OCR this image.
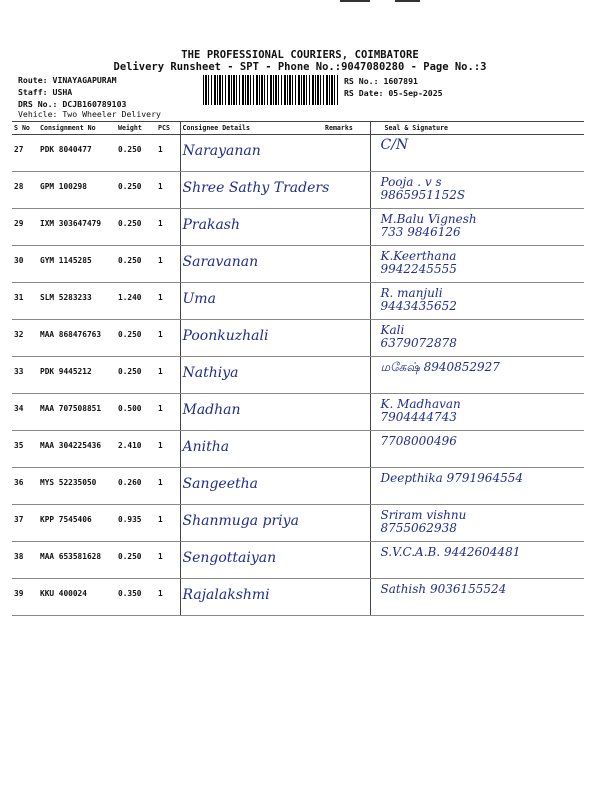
THE PROFESSIONAL COURIERS, COIMBATORE
Delivery Runsheet - SPT - Phone No.:9047080280 - Page No.:3
Route: VINAYAGAPURAM
Staff: USHA
DRS No.: DCJB160789103
RS No.: 1607891
RS Date: 05-Sep-2025
Vehicle: Two Wheeler Delivery
S No	Consignment No	Weight	PCS	Consignee Details	Remarks	Seal & Signature
27	PDK 8040477	0.250	1	Narayanan		C/N

28	GPM 100298	0.250	1	Shree Sathy Traders		Pooja . v s
9865951152S

29	IXM 303647479	0.250	1	Prakash		M.Balu Vignesh
733 9846126

30	GYM 1145285	0.250	1	Saravanan		K.Keerthana
9942245555

31	SLM 5283233	1.240	1	Uma		R. manjuli
9443435652

32	MAA 868476763	0.250	1	Poonkuzhali		Kali
6379072878

33	PDK 9445212	0.250	1	Nathiya		மகேஷ் 8940852927

34	MAA 707508851	0.500	1	Madhan		K. Madhavan
7904444743

35	MAA 304225436	2.410	1	Anitha		7708000496

36	MYS 52235050	0.260	1	Sangeetha		Deepthika 9791964554

37	KPP 7545406	0.935	1	Shanmuga priya		Sriram vishnu
8755062938

38	MAA 653581628	0.250	1	Sengottaiyan		S.V.C.A.B. 9442604481

39	KKU 400024	0.350	1	Rajalakshmi		Sathish 9036155524
